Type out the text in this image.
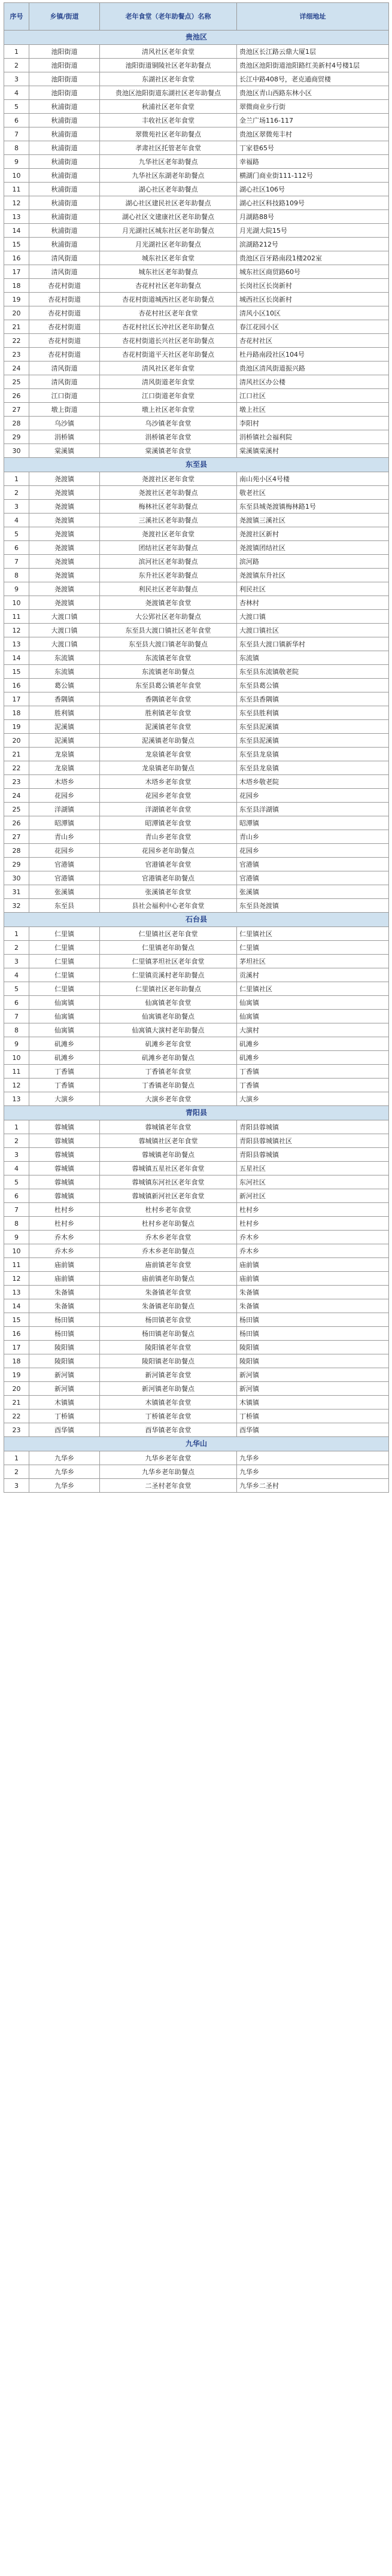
序号	乡镇/街道	老年食堂（老年助餐点）名称	详细地址
贵池区			
1	池阳街道	清风社区老年食堂	贵池区长江路云鼎大厦1层
2	池阳街道	池阳街道铜陵社区老年助餐点	贵池区池阳街道池阳路红美新村4号楼1层
3	池阳街道	东湖社区老年食堂	长江中路408号，老克通商贸楼
4	池阳街道	贵池区池阳街道东湖社区老年助餐点	贵池区青山西路东林小区
5	秋浦街道	秋浦社区老年食堂	翠微商业步行街
6	秋浦街道	丰收社区老年食堂	金兰广场116-117
7	秋浦街道	翠微苑社区老年助餐点	贵池区翠微苑丰村
8	秋浦街道	孝肃社区托管老年食堂	丁家巷65号
9	秋浦街道	九华社区老年助餐点	幸福路
10	秋浦街道	九华社区东湖老年助餐点	横湖门商业街111-112号
11	秋浦街道	湖心社区老年助餐点	湖心社区106号
12	秋浦街道	湖心社区建民社区老年助餐点	湖心社区科技路109号
13	秋浦街道	湖心社区文建康社区老年助餐点	月湖路88号
14	秋浦街道	月光湖社区城东社区老年助餐点	月光湖大院15号
15	秋浦街道	月光湖社区老年助餐点	滨湖路212号
16	清风街道	城东社区老年食堂	贵池区百牙路南段1楼202室
17	清风街道	城东社区老年助餐点	城东社区商贸路60号
18	杏花村街道	杏花村社区老年助餐点	长岗社区长岗新村
19	杏花村街道	杏花村街道城西社区老年助餐点	城西社区长岗新村
20	杏花村街道	杏花村社区老年食堂	清风小区10区
21	杏花村街道	杏花村社区长冲社区老年助餐点	春江花园小区
22	杏花村街道	杏花村街道长兴社区老年助餐点	杏花村社区
23	杏花村街道	杏花村街道平天社区老年助餐点	杜丹路南段社区104号
24	清风街道	清风社区老年食堂	贵池区清风街道振兴路
25	清风街道	清风街道老年食堂	清风社区办公楼
26	江口街道	江口街道老年食堂	江口社区
27	墩上街道	墩上社区老年食堂	墩上社区
28	乌沙镇	乌沙镇老年食堂	李阳村
29	涓桥镇	涓桥镇老年食堂	涓桥镇社会福利院
30	棠溪镇	棠溪镇老年食堂	棠溪镇棠溪村
东至县			
1	尧渡镇	尧渡社区老年食堂	南山苑小区4号楼
2	尧渡镇	尧渡社区老年助餐点	敬老社区
3	尧渡镇	梅林社区老年助餐点	东至县城尧渡镇梅林路1号
4	尧渡镇	三溪社区老年助餐点	尧渡镇三溪社区
5	尧渡镇	尧渡社区老年食堂	尧渡社区新村
6	尧渡镇	团结社区老年助餐点	尧渡镇团结社区
7	尧渡镇	滨河社区老年助餐点	滨河路
8	尧渡镇	东升社区老年助餐点	尧渡镇东升社区
9	尧渡镇	利民社区老年助餐点	利民社区
10	尧渡镇	尧渡镇老年食堂	杏林村
11	大渡口镇	大公郢社区老年助餐点	大渡口镇
12	大渡口镇	东至县大渡口镇社区老年食堂	大渡口镇社区
13	大渡口镇	东至县大渡口镇老年助餐点	东至县大渡口镇新华村
14	东流镇	东流镇老年食堂	东流镇
15	东流镇	东流镇老年助餐点	东至县东流镇敬老院
16	葛公镇	东至县葛公镇老年食堂	东至县葛公镇
17	香隅镇	香隅镇老年食堂	东至县香隅镇
18	胜利镇	胜利镇老年食堂	东至县胜利镇
19	泥溪镇	泥溪镇老年食堂	东至县泥溪镇
20	泥溪镇	泥溪镇老年助餐点	东至县泥溪镇
21	龙泉镇	龙泉镇老年食堂	东至县龙泉镇
22	龙泉镇	龙泉镇老年助餐点	东至县龙泉镇
23	木塔乡	木塔乡老年食堂	木塔乡敬老院
24	花园乡	花园乡老年食堂	花园乡
25	洋湖镇	洋湖镇老年食堂	东至县洋湖镇
26	昭潭镇	昭潭镇老年食堂	昭潭镇
27	青山乡	青山乡老年食堂	青山乡
28	花园乡	花园乡老年助餐点	花园乡
29	官港镇	官港镇老年食堂	官港镇
30	官港镇	官港镇老年助餐点	官港镇
31	张溪镇	张溪镇老年食堂	张溪镇
32	东至县	县社会福利中心老年食堂	东至县尧渡镇
石台县			
1	仁里镇	仁里镇社区老年食堂	仁里镇社区
2	仁里镇	仁里镇老年助餐点	仁里镇
3	仁里镇	仁里镇茅坦社区老年食堂	茅坦社区
4	仁里镇	仁里镇贡溪村老年助餐点	贡溪村
5	仁里镇	仁里镇社区老年助餐点	仁里镇社区
6	仙寓镇	仙寓镇老年食堂	仙寓镇
7	仙寓镇	仙寓镇老年助餐点	仙寓镇
8	仙寓镇	仙寓镇大演村老年助餐点	大演村
9	矶滩乡	矶滩乡老年食堂	矶滩乡
10	矶滩乡	矶滩乡老年助餐点	矶滩乡
11	丁香镇	丁香镇老年食堂	丁香镇
12	丁香镇	丁香镇老年助餐点	丁香镇
13	大演乡	大演乡老年食堂	大演乡
青阳县			
1	蓉城镇	蓉城镇老年食堂	青阳县蓉城镇
2	蓉城镇	蓉城镇社区老年食堂	青阳县蓉城镇社区
3	蓉城镇	蓉城镇老年助餐点	青阳县蓉城镇
4	蓉城镇	蓉城镇五星社区老年食堂	五星社区
5	蓉城镇	蓉城镇东河社区老年食堂	东河社区
6	蓉城镇	蓉城镇新河社区老年食堂	新河社区
7	杜村乡	杜村乡老年食堂	杜村乡
8	杜村乡	杜村乡老年助餐点	杜村乡
9	乔木乡	乔木乡老年食堂	乔木乡
10	乔木乡	乔木乡老年助餐点	乔木乡
11	庙前镇	庙前镇老年食堂	庙前镇
12	庙前镇	庙前镇老年助餐点	庙前镇
13	朱备镇	朱备镇老年食堂	朱备镇
14	朱备镇	朱备镇老年助餐点	朱备镇
15	杨田镇	杨田镇老年食堂	杨田镇
16	杨田镇	杨田镇老年助餐点	杨田镇
17	陵阳镇	陵阳镇老年食堂	陵阳镇
18	陵阳镇	陵阳镇老年助餐点	陵阳镇
19	新河镇	新河镇老年食堂	新河镇
20	新河镇	新河镇老年助餐点	新河镇
21	木镇镇	木镇镇老年食堂	木镇镇
22	丁桥镇	丁桥镇老年食堂	丁桥镇
23	酉华镇	酉华镇老年食堂	酉华镇
九华山			
1	九华乡	九华乡老年食堂	九华乡
2	九华乡	九华乡老年助餐点	九华乡
3	九华乡	二圣村老年食堂	九华乡二圣村
